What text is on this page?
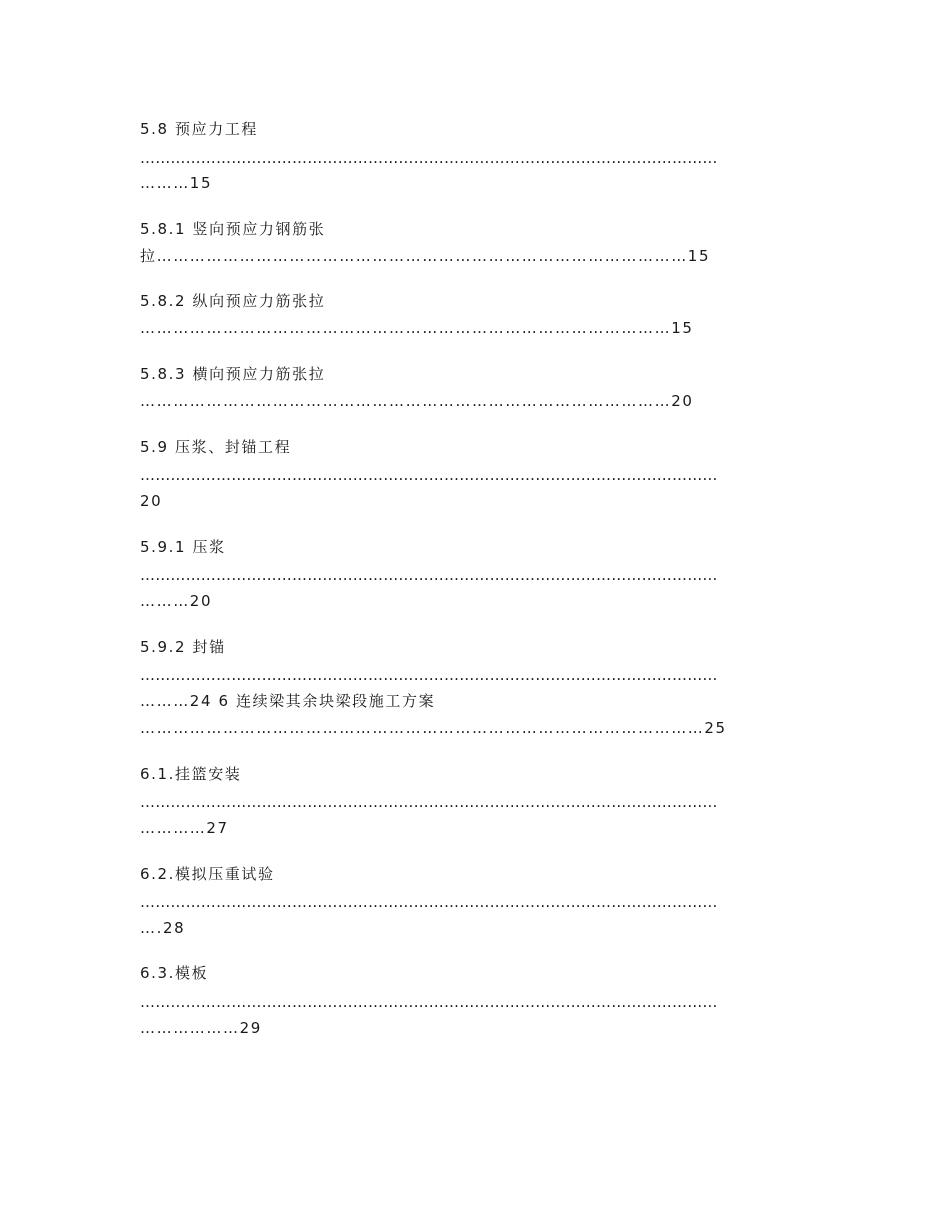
5.8 预应力工程

……………………………………………………………………………………………………

………15

5.8.1 竖向预应力钢筋张

拉……………………………………………………………………………………15

5.8.2 纵向预应力筋张拉

……………………………………………………………………………………15

5.8.3 横向预应力筋张拉

……………………………………………………………………………………20

5.9 压浆、封锚工程

……………………………………………………………………………………………………

20

5.9.1 压浆

……………………………………………………………………………………………………

………20

5.9.2 封锚

……………………………………………………………………………………………………

………24 6 连续梁其余块梁段施工方案

…………………………………………………………………………………………25

6.1.挂篮安装

……………………………………………………………………………………………………

…………27

6.2.模拟压重试验

……………………………………………………………………………………………………

….28

6.3.模板

……………………………………………………………………………………………………

………………29
